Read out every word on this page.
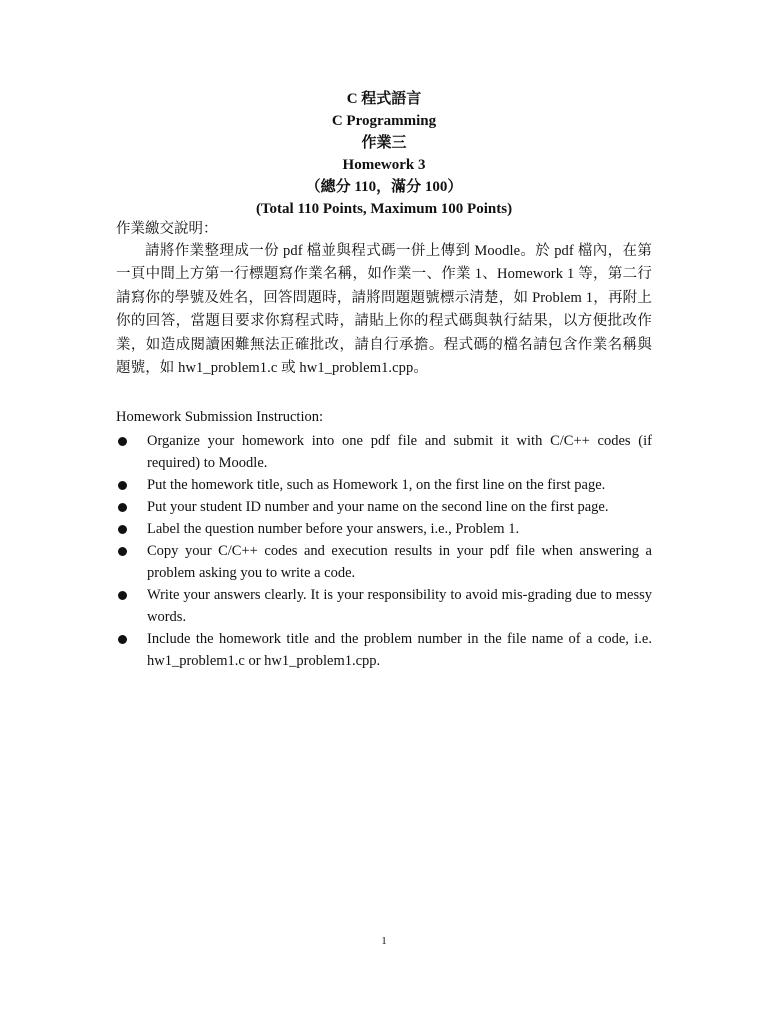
C 程式語言
C Programming
作業三
Homework 3
（總分 110，滿分 100）
(Total 110 Points, Maximum 100 Points)
作業繳交說明：
請將作業整理成一份 pdf 檔並與程式碼一併上傳到 Moodle。於 pdf 檔內，在第一頁中間上方第一行標題寫作業名稱，如作業一、作業 1、Homework 1 等，第二行請寫你的學號及姓名，回答問題時，請將問題題號標示清楚，如 Problem 1，再附上你的回答，當題目要求你寫程式時，請貼上你的程式碼與執行結果，以方便批改作業，如造成閱讀困難無法正確批改，請自行承擔。程式碼的檔名請包含作業名稱與題號，如 hw1_problem1.c 或 hw1_problem1.cpp。
Homework Submission Instruction:
Organize your homework into one pdf file and submit it with C/C++ codes (if required) to Moodle.
Put the homework title, such as Homework 1, on the first line on the first page.
Put your student ID number and your name on the second line on the first page.
Label the question number before your answers, i.e., Problem 1.
Copy your C/C++ codes and execution results in your pdf file when answering a problem asking you to write a code.
Write your answers clearly. It is your responsibility to avoid mis-grading due to messy words.
Include the homework title and the problem number in the file name of a code, i.e. hw1_problem1.c or hw1_problem1.cpp.
1
